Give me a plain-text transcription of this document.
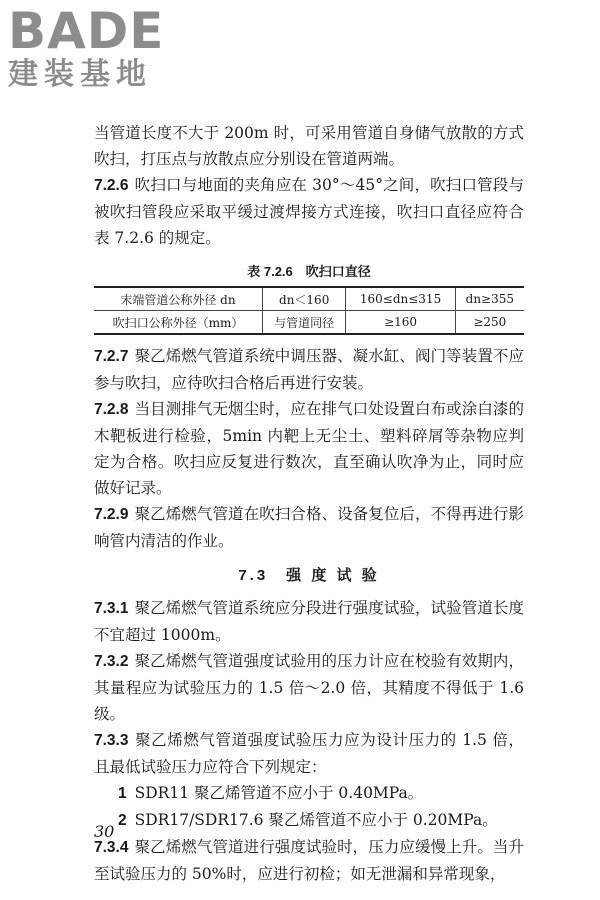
BADE
建装基地

当管道长度不大于 200m 时，可采用管道自身储气放散的方式吹扫，打压点与放散点应分别设在管道两端。

7.2.6 吹扫口与地面的夹角应在 30°～45°之间，吹扫口管段与被吹扫管段应采取平缓过渡焊接方式连接，吹扫口直径应符合表 7.2.6 的规定。

表 7.2.6　吹扫口直径
末端管道公称外径 dn	dn＜160	160≤dn≤315	dn≥355
吹扫口公称外径（mm）	与管道同径	≥160	≥250

7.2.7 聚乙烯燃气管道系统中调压器、凝水缸、阀门等装置不应参与吹扫，应待吹扫合格后再进行安装。

7.2.8 当目测排气无烟尘时，应在排气口处设置白布或涂白漆的木靶板进行检验，5min 内靶上无尘土、塑料碎屑等杂物应判定为合格。吹扫应反复进行数次，直至确认吹净为止，同时应做好记录。

7.2.9 聚乙烯燃气管道在吹扫合格、设备复位后，不得再进行影响管内清洁的作业。

7.3　强 度 试 验

7.3.1 聚乙烯燃气管道系统应分段进行强度试验，试验管道长度不宜超过 1000m。

7.3.2 聚乙烯燃气管道强度试验用的压力计应在校验有效期内，其量程应为试验压力的 1.5 倍～2.0 倍，其精度不得低于 1.6 级。

7.3.3 聚乙烯燃气管道强度试验压力应为设计压力的 1.5 倍，且最低试验压力应符合下列规定：

1 SDR11 聚乙烯管道不应小于 0.40MPa。

2 SDR17/SDR17.6 聚乙烯管道不应小于 0.20MPa。

7.3.4 聚乙烯燃气管道进行强度试验时，压力应缓慢上升。当升至试验压力的 50%时，应进行初检；如无泄漏和异常现象，

30
